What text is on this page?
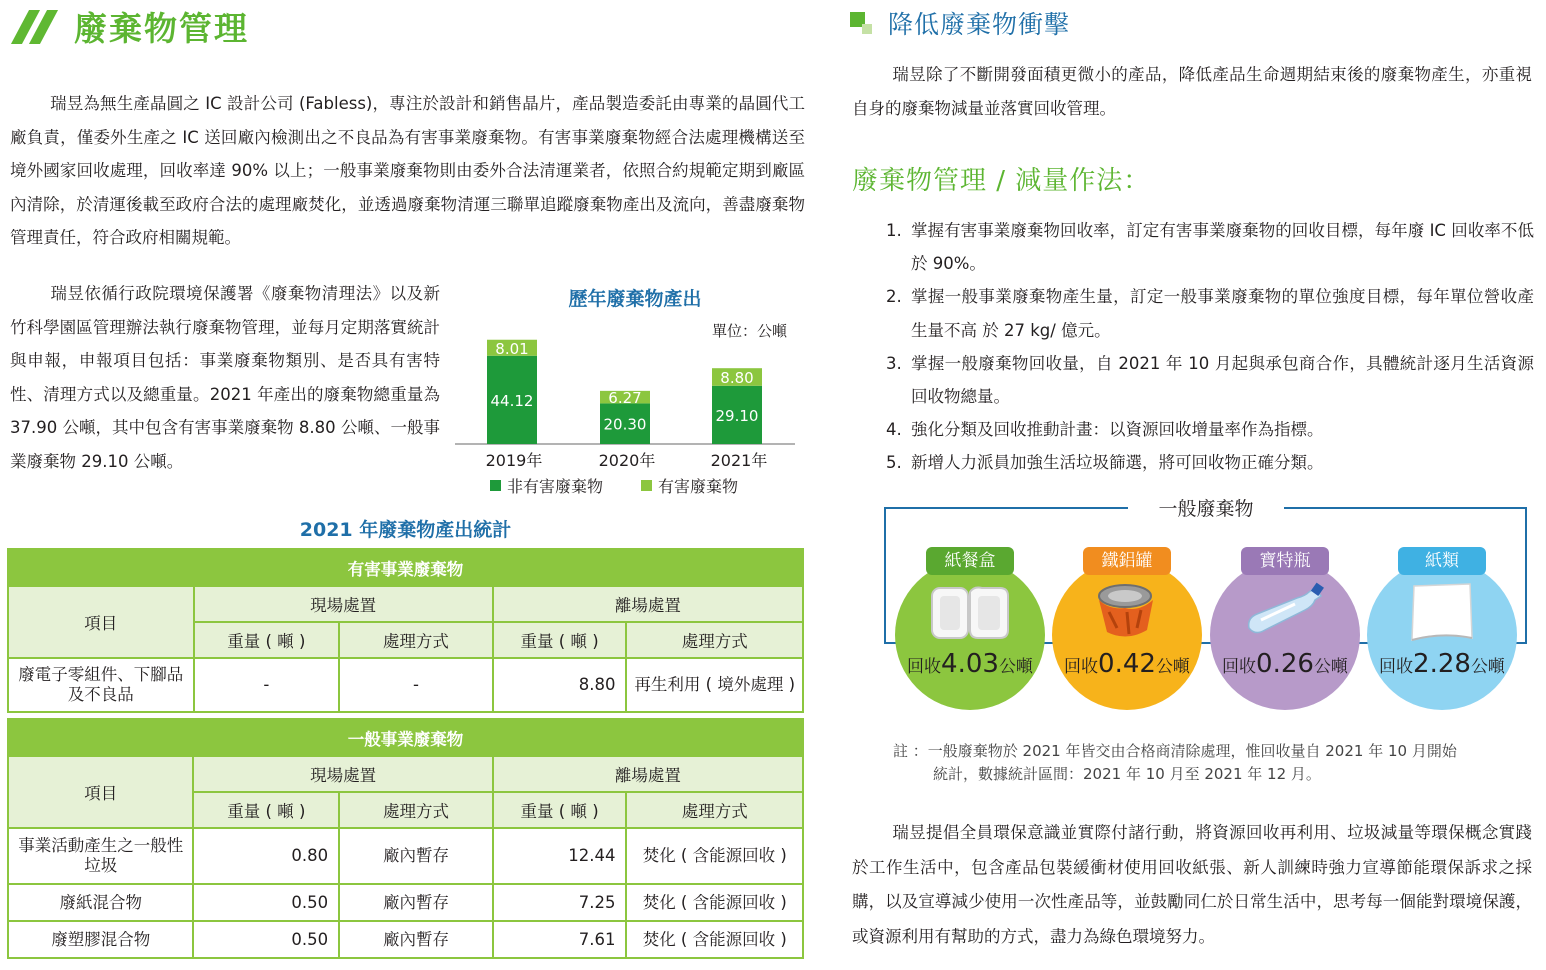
廢棄物管理

瑞昱為無生產晶圓之 IC 設計公司 (Fabless)，專注於設計和銷售晶片，產品製造委託由專業的晶圓代工廠負責，僅委外生產之 IC 送回廠內檢測出之不良品為有害事業廢棄物。有害事業廢棄物經合法處理機構送至境外國家回收處理，回收率達 90% 以上；一般事業廢棄物則由委外合法清運業者，依照合約規範定期到廠區內清除，於清運後載至政府合法的處理廠焚化，並透過廢棄物清運三聯單追蹤廢棄物產出及流向，善盡廢棄物管理責任，符合政府相關規範。

瑞昱依循行政院環境保護署《廢棄物清理法》以及新竹科學園區管理辦法執行廢棄物管理，並每月定期落實統計與申報，申報項目包括：事業廢棄物類別、是否具有害特性、清理方式以及總重量。2021 年產出的廢棄物總重量為 37.90 公噸，其中包含有害事業廢棄物 8.80 公噸、一般事業廢棄物 29.10 公噸。

歷年廢棄物產出
單位：公噸
44.12
8.01
2019年
20.30
6.27
2020年
29.10
8.80
2021年
非有害廢棄物	有害廢棄物
2021 年廢棄物產出統計
有害事業廢棄物				
項目	現場處置		離場處置	
	重量 ( 噸 )	處理方式	重量 ( 噸 )	處理方式
廢電子零組件、下腳品及不良品	-	-	8.80	再生利用 ( 境外處理 )
一般事業廢棄物				
項目	現場處置		離場處置	
	重量 ( 噸 )	處理方式	重量 ( 噸 )	處理方式
事業活動產生之一般性垃圾	0.80	廠內暫存	12.44	焚化 ( 含能源回收 )
廢紙混合物	0.50	廠內暫存	7.25	焚化 ( 含能源回收 )
廢塑膠混合物	0.50	廠內暫存	7.61	焚化 ( 含能源回收 )
降低廢棄物衝擊

瑞昱除了不斷開發面積更微小的產品，降低產品生命週期結束後的廢棄物產生，亦重視自身的廢棄物減量並落實回收管理。

廢棄物管理 / 減量作法：
1. 掌握有害事業廢棄物回收率，訂定有害事業廢棄物的回收目標，每年廢 IC 回收率不低於 90%。
2. 掌握一般事業廢棄物產生量，訂定一般事業廢棄物的單位強度目標，每年單位營收產生量不高 於 27 kg/ 億元。
3. 掌握一般廢棄物回收量，自 2021 年 10 月起與承包商合作，具體統計逐月生活資源回收物總量。
4. 強化分類及回收推動計畫：以資源回收增量率作為指標。
5. 新增人力派員加強生活垃圾篩選，將可回收物正確分類。
一般廢棄物
紙餐盒
回收4.03公噸
鐵鋁罐
回收0.42公噸
寶特瓶
回收0.26公噸
紙類
回收2.28公噸
註 ：一般廢棄物於 2021 年皆交由合格商清除處理，惟回收量自 2021 年 10 月開始
統計，數據統計區間：2021 年 10 月至 2021 年 12 月。

瑞昱提倡全員環保意識並實際付諸行動，將資源回收再利用、垃圾減量等環保概念實踐於工作生活中，包含產品包裝緩衝材使用回收紙張、新人訓練時強力宣導節能環保訴求之採購，以及宣導減少使用一次性產品等，並鼓勵同仁於日常生活中，思考每一個能對環境保護，或資源利用有幫助的方式，盡力為綠色環境努力。
